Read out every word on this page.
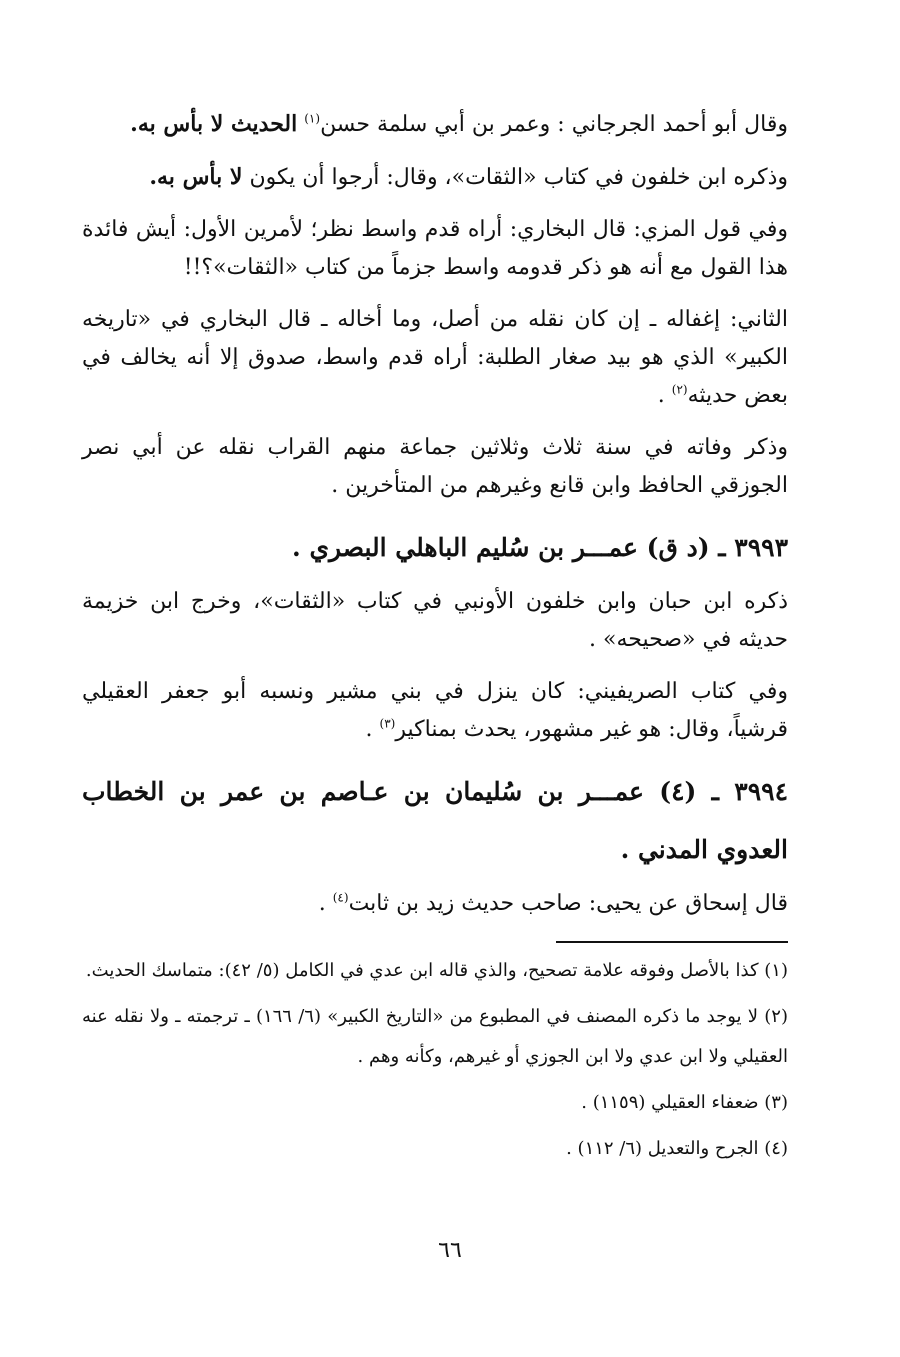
وقال أبو أحمد الجرجاني : وعمر بن أبي سلمة حسن$^{(١)}$ الحديث لا بأس به.

وذكره ابن خلفون في كتاب «الثقات»، وقال: أرجوا أن يكون لا بأس به.

وفي قول المزي: قال البخاري: أراه قدم واسط نظر؛ لأمرين الأول: أيش فائدة هذا القول مع أنه هو ذكر قدومه واسط جزماً من كتاب «الثقات»؟!!

الثاني: إغفاله ـ إن كان نقله من أصل، وما أخاله ـ قال البخاري في «تاريخه الكبير» الذي هو بيد صغار الطلبة: أراه قدم واسط، صدوق إلا أنه يخالف في بعض حديثه$^{(٢)}$ .

وذكر وفاته في سنة ثلاث وثلاثين جماعة منهم القراب نقله عن أبي نصر الجوزقي الحافظ وابن قانع وغيرهم من المتأخرين .

٣٩٩٣ ـ (د ق) عمـــر بن سُليم الباهلي البصري .

ذكره ابن حبان وابن خلفون الأونبي في كتاب «الثقات»، وخرج ابن خزيمة حديثه في «صحيحه» .

وفي كتاب الصريفيني: كان ينزل في بني مشير ونسبه أبو جعفر العقيلي قرشياً، وقال: هو غير مشهور، يحدث بمناكير$^{(٣)}$ .

٣٩٩٤ ـ (٤) عمـــر بن سُليمان بن عـاصم بن عمر بن الخطاب العدوي المدني .

قال إسحاق عن يحيى: صاحب حديث زيد بن ثابت$^{(٤)}$ .

(١) كذا بالأصل وفوقه علامة تصحيح، والذي قاله ابن عدي في الكامل (٥/ ٤٢): متماسك الحديث.

(٢) لا يوجد ما ذكره المصنف في المطبوع من «التاريخ الكبير» (٦/ ١٦٦) ـ ترجمته ـ ولا نقله عنه العقيلي ولا ابن عدي ولا ابن الجوزي أو غيرهم، وكأنه وهم .

(٣) ضعفاء العقيلي (١١٥٩) .

(٤) الجرح والتعديل (٦/ ١١٢) .

٦٦
